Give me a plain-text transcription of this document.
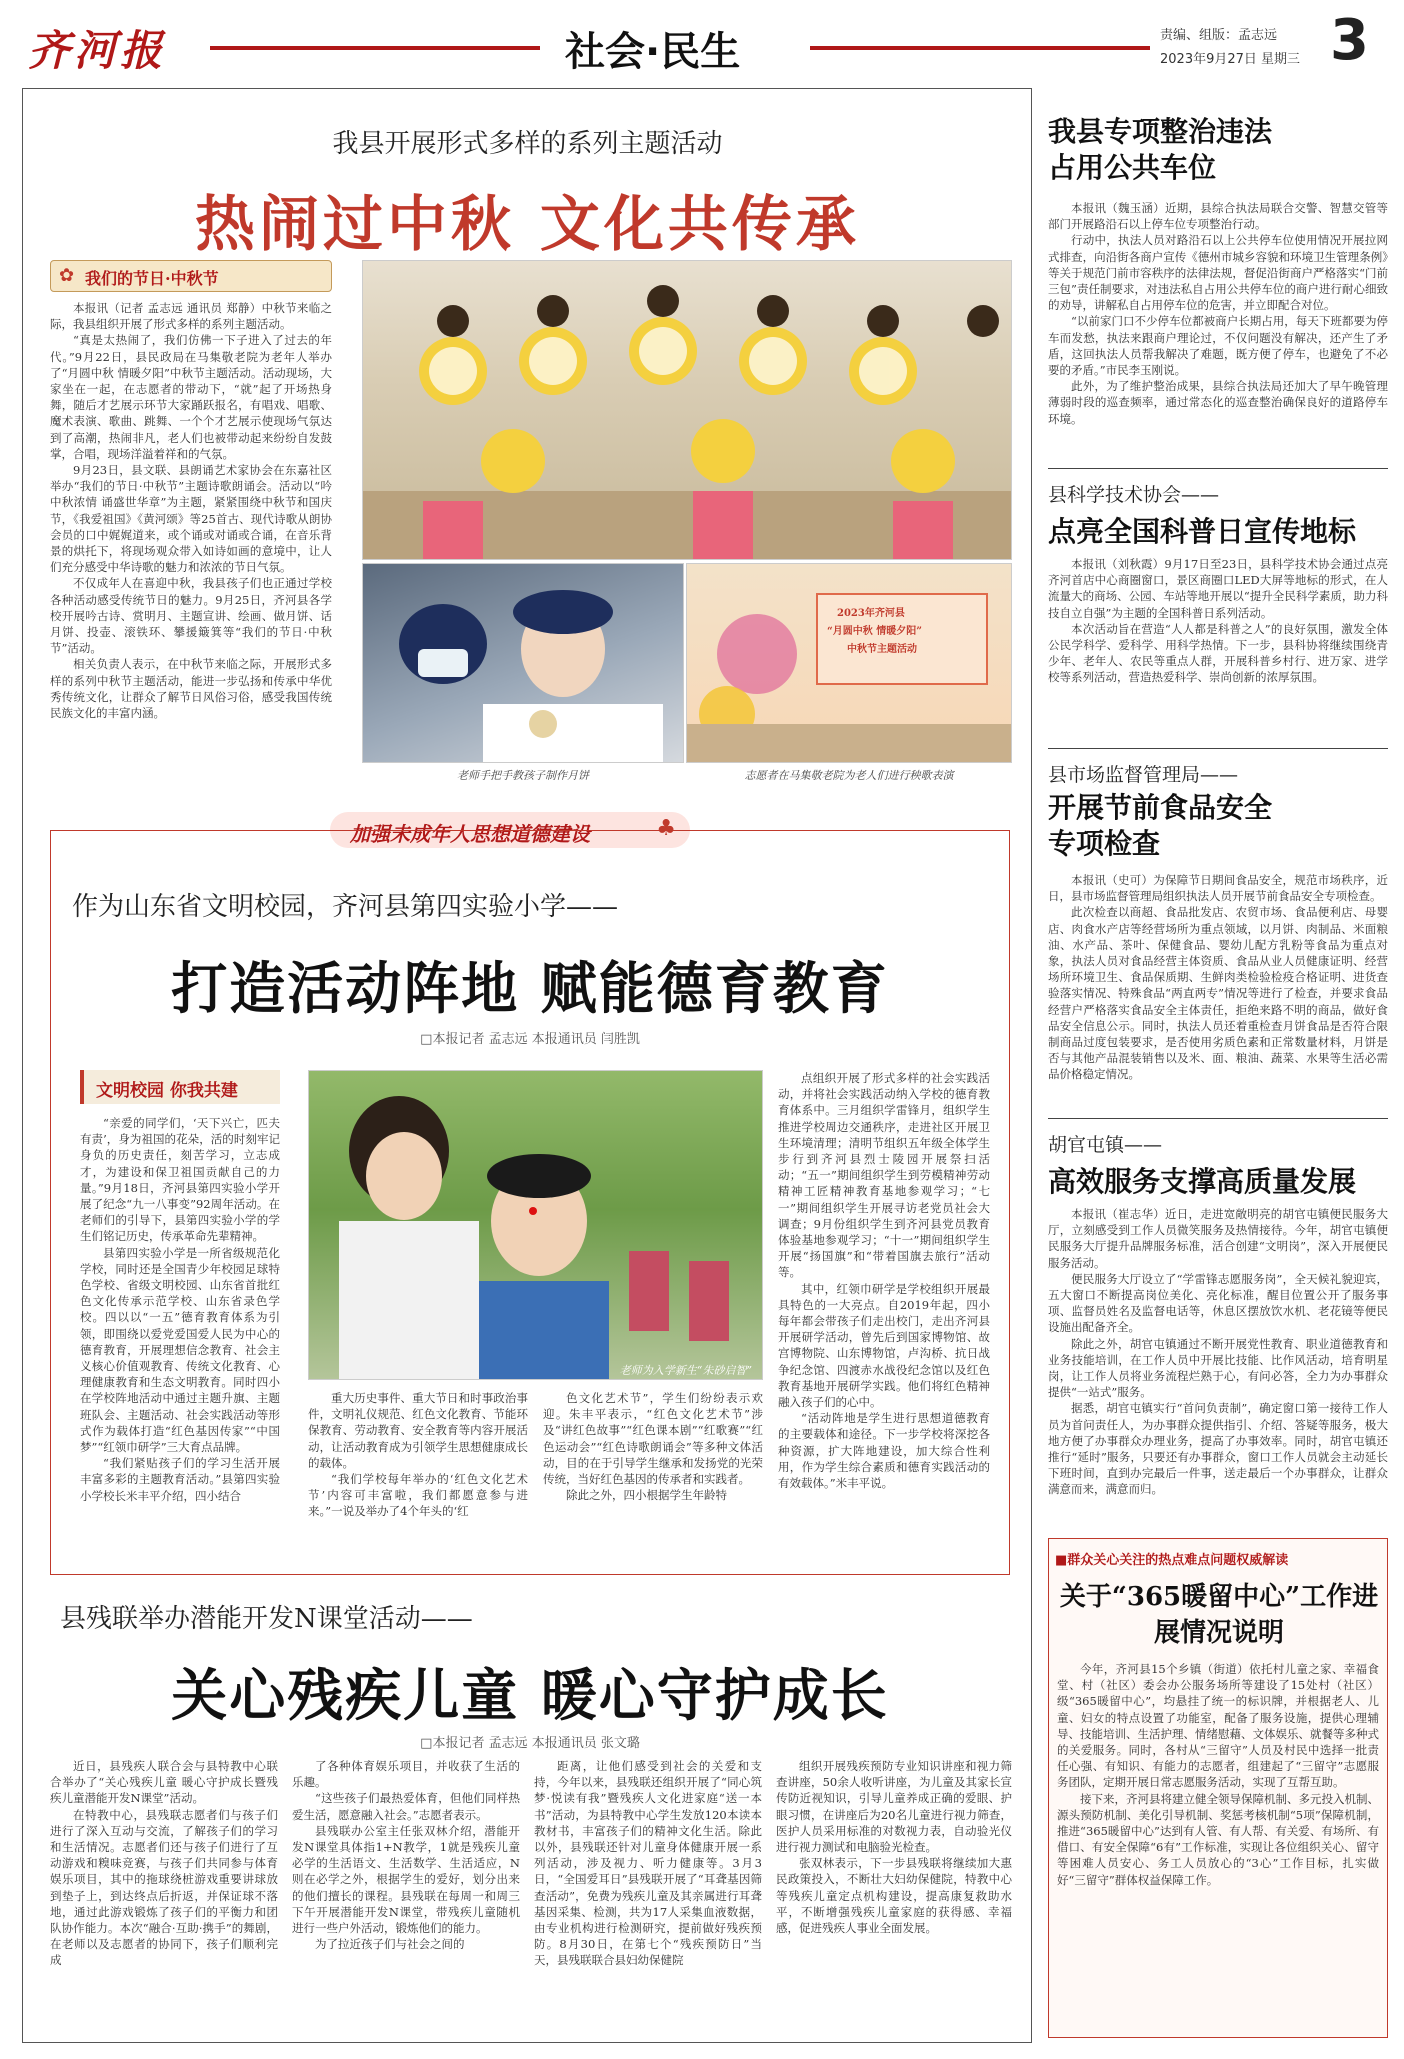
齐河报	社会·民生	责编、组版：孟志远
2023年9月27日 星期三 3
我县开展形式多样的系列主题活动
热闹过中秋 文化共传承
✿ 我们的节日·中秋节

本报讯（记者 孟志远 通讯员 郑静）中秋节来临之际，我县组织开展了形式多样的系列主题活动。

“真是太热闹了，我们仿佛一下子进入了过去的年代。”9月22日，县民政局在马集敬老院为老年人举办了“月圆中秋 情暖夕阳”中秋节主题活动。活动现场，大家坐在一起，在志愿者的带动下，“就”起了开场热身舞，随后才艺展示环节大家踊跃报名，有唱戏、唱歌、魔术表演、歌曲、跳舞、一个个才艺展示使现场气氛达到了高潮，热闹非凡，老人们也被带动起来纷纷自发鼓掌，合唱，现场洋溢着祥和的气氛。

9月23日，县文联、县朗诵艺术家协会在东嘉社区举办“我们的节日·中秋节”主题诗歌朗诵会。活动以“吟中秋浓情 诵盛世华章”为主题，紧紧围绕中秋节和国庆节，《我爱祖国》《黄河颂》等25首古、现代诗歌从朗协会员的口中娓娓道来，或个诵或对诵或合诵，在音乐背景的烘托下，将现场观众带入如诗如画的意境中，让人们充分感受中华诗歌的魅力和浓浓的节日气氛。

不仅成年人在喜迎中秋，我县孩子们也正通过学校各种活动感受传统节日的魅力。9月25日，齐河县各学校开展吟古诗、赏明月、主题宣讲、绘画、做月饼、话月饼、投壶、滚铁环、攀援簸箕等“我们的节日·中秋节”活动。

相关负责人表示，在中秋节来临之际，开展形式多样的系列中秋节主题活动，能进一步弘扬和传承中华优秀传统文化，让群众了解节日风俗习俗，感受我国传统民族文化的丰富内涵。

2023年齐河县
“月圆中秋 情暖夕阳”
中秋节主题活动
老师手把手教孩子制作月饼	志愿者在马集敬老院为老人们进行秧歌表演
加强未成年人思想道德建设	♣
作为山东省文明校园，齐河县第四实验小学——
打造活动阵地 赋能德育教育
□本报记者 孟志远 本报通讯员 闫胜凯
文明校园 你我共建

“亲爱的同学们，‘天下兴亡，匹夫有责’，身为祖国的花朵，活的时刻牢记身负的历史责任，刻苦学习，立志成才，为建设和保卫祖国贡献自己的力量。”9月18日，齐河县第四实验小学开展了纪念“九一八事变”92周年活动。在老师们的引导下，县第四实验小学的学生们铭记历史，传承革命先辈精神。

县第四实验小学是一所省级规范化学校，同时还是全国青少年校园足球特色学校、省级文明校园、山东省首批红色文化传承示范学校、山东省录色学校。四以以“一五”德育教育体系为引领，即围绕以爱党爱国爱人民为中心的德育教育，开展理想信念教育、社会主义核心价值观教育、传统文化教育、心理健康教育和生态文明教育。同时四小在学校阵地活动中通过主题升旗、主题班队会、主题活动、社会实践活动等形式作为载体打造“红色基因传家”“中国梦”“红领巾研学”三大育点品牌。

“我们紧贴孩子们的学习生活开展丰富多彩的主题教育活动。”县第四实验小学校长米丰平介绍，四小结合

老师为入学新生“朱砂启智”

重大历史事件、重大节日和时事政治事件，文明礼仪规范、红色文化教育、节能环保教育、劳动教育、安全教育等内容开展活动，让活动教育成为引领学生思想健康成长的载体。

“我们学校每年举办的‘红色文化艺术节’内容可丰富啦，我们都愿意参与进来。”一说及举办了4个年头的‘红

色文化艺术节”，学生们纷纷表示欢迎。朱丰平表示，“红色文化艺术节”涉及“讲红色故事”“红色课本剧”“红歌赛”“红色运动会”“红色诗歌朗诵会”等多种文体活动，目的在于引导学生继承和发扬党的光荣传统，当好红色基因的传承者和实践者。

除此之外，四小根据学生年龄特

点组织开展了形式多样的社会实践活动，并将社会实践活动纳入学校的德育教育体系中。三月组织学雷锋月，组织学生推进学校周边交通秩序，走进社区开展卫生环境清理；清明节组织五年级全体学生步行到齐河县烈士陵园开展祭扫活动；“五一”期间组织学生到劳模精神劳动精神工匠精神教育基地参观学习；“七一”期间组织学生开展寻访老党员社会大调查；9月份组织学生到齐河县党员教育体验基地参观学习；“十一”期间组织学生开展“扬国旗”和“带着国旗去旅行”活动等。

其中，红领巾研学是学校组织开展最具特色的一大亮点。自2019年起，四小每年都会带孩子们走出校门，走出齐河县开展研学活动，曾先后到国家博物馆、故宫博物院、山东博物馆，卢沟桥、抗日战争纪念馆、四渡赤水战役纪念馆以及红色教育基地开展研学实践。他们将红色精神融入孩子们的心中。

“活动阵地是学生进行思想道德教育的主要载体和途径。下一步学校将深挖各种资源，扩大阵地建设，加大综合性利用，作为学生综合素质和德育实践活动的有效载体。”米丰平说。

县残联举办潜能开发N课堂活动——
关心残疾儿童 暖心守护成长
□本报记者 孟志远 本报通讯员 张文璐

近日，县残疾人联合会与县特教中心联合举办了“关心残疾儿童 暖心守护成长暨残疾儿童潜能开发N课堂”活动。

在特教中心，县残联志愿者们与孩子们进行了深入互动与交流，了解孩子们的学习和生活情况。志愿者们还与孩子们进行了互动游戏和糗味竞赛，与孩子们共同参与体育娱乐项目，其中的拖球绕桩游戏重要讲球放到垫子上，到达终点后折返，并保证球不落地，通过此游戏锻炼了孩子们的平衡力和团队协作能力。本次“融合·互助·携手”的舞剧，在老师以及志愿者的协同下，孩子们顺利完成

了各种体育娱乐项目，并收获了生活的乐趣。

“这些孩子们最热爱体育，但他们同样热爱生活，愿意融入社会。”志愿者表示。

县残联办公室主任张双林介绍，潜能开发N课堂具体指1+N教学，1就是残疾儿童必学的生活语文、生活数学、生活适应，N则在必学之外，根据学生的爱好，划分出来的他们擅长的课程。县残联在每周一和周三下午开展潜能开发N课堂，带残疾儿童随机进行一些户外活动，锻炼他们的能力。

为了拉近孩子们与社会之间的

距离，让他们感受到社会的关爱和支持，今年以来，县残联还组织开展了“同心筑梦·悦读有我”暨残疾人文化进家庭“送一本书”活动，为县特教中心学生发放120本读本教材书，丰富孩子们的精神文化生活。除此以外，县残联还针对儿童身体健康开展一系列活动，涉及视力、听力健康等。3月3日，“全国爱耳日”县残联开展了“耳聋基因筛查活动”，免费为残疾儿童及其亲属进行耳聋基因采集、检测，共为17人采集血液数据，由专业机构进行检测研究，提前做好残疾预防。8月30日，在第七个“残疾预防日”当天，县残联联合县妇幼保健院

组织开展残疾预防专业知识讲座和视力筛查讲座，50余人收听讲座，为儿童及其家长宣传防近视知识，引导儿童养成正确的爱眼、护眼习惯，在讲座后为20名儿童进行视力筛查，医护人员采用标准的对数视力表，自动验光仪进行视力测试和电脑验光检查。

张双林表示，下一步县残联将继续加大惠民政策投入，不断壮大妇幼保健院，特教中心等残疾儿童定点机构建设，提高康复救助水平，不断增强残疾儿童家庭的获得感、幸福感，促进残疾人事业全面发展。

我县专项整治违法占用公共车位

本报讯（魏玉涵）近期，县综合执法局联合交警、智慧交管等部门开展路沿石以上停车位专项整治行动。

行动中，执法人员对路沿石以上公共停车位使用情况开展拉网式排查，向沿街各商户宣传《德州市城乡容貌和环境卫生管理条例》等关于规范门前市容秩序的法律法规，督促沿街商户严格落实“门前三包”责任制要求，对违法私自占用公共停车位的商户进行耐心细致的劝导，讲解私自占用停车位的危害，并立即配合对位。

“以前家门口不少停车位都被商户长期占用，每天下班都要为停车而发愁，执法来跟商户理论过，不仅问题没有解决，还产生了矛盾，这回执法人员帮我解决了难题，既方便了停车，也避免了不必要的矛盾。”市民李玉刚说。

此外，为了维护整治成果，县综合执法局还加大了早午晚管理薄弱时段的巡查频率，通过常态化的巡查整治确保良好的道路停车环境。

县科学技术协会——
点亮全国科普日宣传地标

本报讯（刘秋霞）9月17日至23日，县科学技术协会通过点亮齐河首店中心商圈窗口，景区商圈口LED大屏等地标的形式，在人流量大的商场、公园、车站等地开展以“提升全民科学素质，助力科技自立自强”为主题的全国科普日系列活动。

本次活动旨在营造“人人都是科普之人”的良好氛围，激发全体公民学科学、爱科学、用科学热情。下一步，县科协将继续围绕青少年、老年人、农民等重点人群，开展科普乡村行、进万家、进学校等系列活动，营造热爱科学、崇尚创新的浓厚氛围。

县市场监督管理局——
开展节前食品安全专项检查

本报讯（史可）为保障节日期间食品安全，规范市场秩序，近日，县市场监督管理局组织执法人员开展节前食品安全专项检查。

此次检查以商超、食品批发店、农贸市场、食品便利店、母婴店、肉食水产店等经营场所为重点领域，以月饼、肉制品、米面粮油、水产品、茶叶、保健食品、婴幼儿配方乳粉等食品为重点对象，执法人员对食品经营主体资质、食品从业人员健康证明、经营场所环境卫生、食品保质期、生鲜肉类检验检疫合格证明、进货查验落实情况、特殊食品“两直两专”情况等进行了检查，并要求食品经营户严格落实食品安全主体责任，拒绝来路不明的商品，做好食品安全信息公示。同时，执法人员还着重检查月饼食品是否符合限制商品过度包装要求，是否使用劣质色素和正常数量材料，月饼是否与其他产品混装销售以及米、面、粮油、蔬菜、水果等生活必需品价格稳定情况。

胡官屯镇——
高效服务支撑高质量发展

本报讯（崔志华）近日，走进宽敞明亮的胡官屯镇便民服务大厅，立刻感受到工作人员微笑服务及热情接待。今年，胡官屯镇便民服务大厅提升品牌服务标准，活合创建“文明岗”，深入开展便民服务活动。

便民服务大厅设立了“学雷锋志愿服务岗”，全天候礼貌迎宾，五大窗口不断提高岗位美化、亮化标准，醒目位置公开了服务事项、监督员姓名及监督电话等，休息区摆放饮水机、老花镜等便民设施出配备齐全。

除此之外，胡官屯镇通过不断开展党性教育、职业道德教育和业务技能培训，在工作人员中开展比技能、比作风活动，培育明星岗，让工作人员将业务流程烂熟于心，有问必答，全力为办事群众提供“一站式”服务。

据悉，胡官屯镇实行“首问负责制”，确定窗口第一接待工作人员为首问责任人，为办事群众提供指引、介绍、答疑等服务，极大地方便了办事群众办理业务，提高了办事效率。同时，胡官屯镇还推行“延时”服务，只要还有办事群众，窗口工作人员就会主动延长下班时间，直到办完最后一件事，送走最后一个办事群众，让群众满意而来，满意而归。

■群众关心关注的热点难点问题权威解读
关于“365暖留中心”工作进展情况说明

今年，齐河县15个乡镇（街道）依托村儿童之家、幸福食堂、村（社区）委会办公服务场所等建设了15处村（社区）级“365暖留中心”，均悬挂了统一的标识牌，并根据老人、儿童、妇女的特点设置了功能室，配备了服务设施，提供心理辅导、技能培训、生活护理、情绪慰藉、文体娱乐、就餐等多种式的关爱服务。同时，各村从“三留守”人员及村民中选择一批责任心强、有知识、有能力的志愿者，组建起了“三留守”志愿服务团队，定期开展日常志愿服务活动，实现了互帮互助。

接下来，齐河县将建立健全领导保障机制、多元投入机制、源头预防机制、美化引导机制、奖惩考核机制“5项”保障机制，推进“365暖留中心”达到有人管、有人帮、有关爱、有场所、有借口、有安全保障“6有”工作标准，实现让各位组织关心、留守等困难人员安心、务工人员放心的“3心”工作目标，扎实做好“三留守”群体权益保障工作。
